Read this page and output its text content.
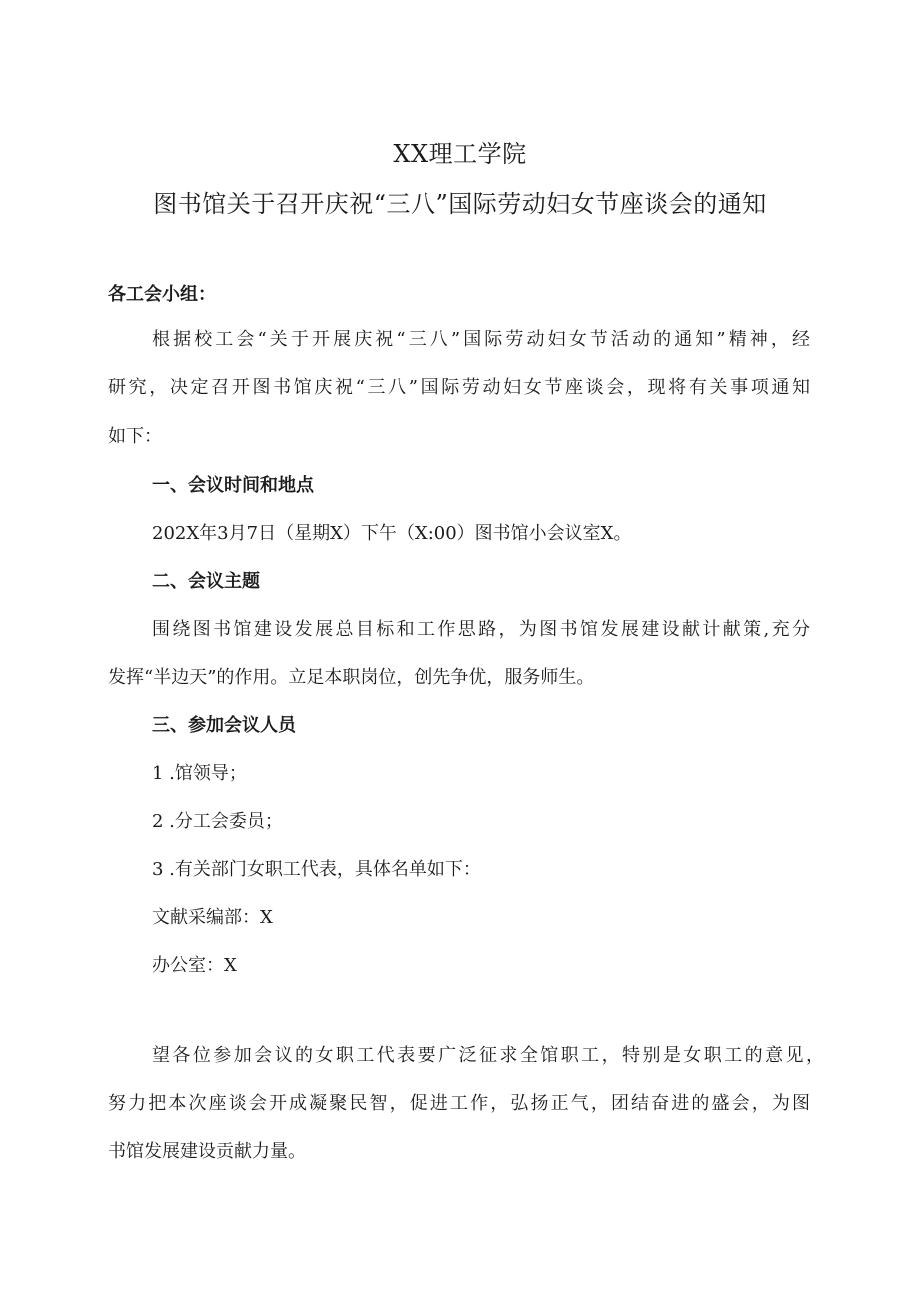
XX理工学院
图书馆关于召开庆祝“三八”国际劳动妇女节座谈会的通知
各工会小组：
根据校工会“关于开展庆祝“三八”国际劳动妇女节活动的通知”精神，经
研究，决定召开图书馆庆祝“三八”国际劳动妇女节座谈会，现将有关事项通知
如下：
一、会议时间和地点
202X年3月7日（星期X）下午（X:00）图书馆小会议室X。
二、会议主题
围绕图书馆建设发展总目标和工作思路，为图书馆发展建设献计献策,充分
发挥“半边天”的作用。立足本职岗位，创先争优，服务师生。
三、参加会议人员
1 .馆领导；
2 .分工会委员；
3 .有关部门女职工代表，具体名单如下：
文献采编部：X
办公室：X
望各位参加会议的女职工代表要广泛征求全馆职工，特别是女职工的意见，
努力把本次座谈会开成凝聚民智，促进工作，弘扬正气，团结奋进的盛会，为图
书馆发展建设贡献力量。
